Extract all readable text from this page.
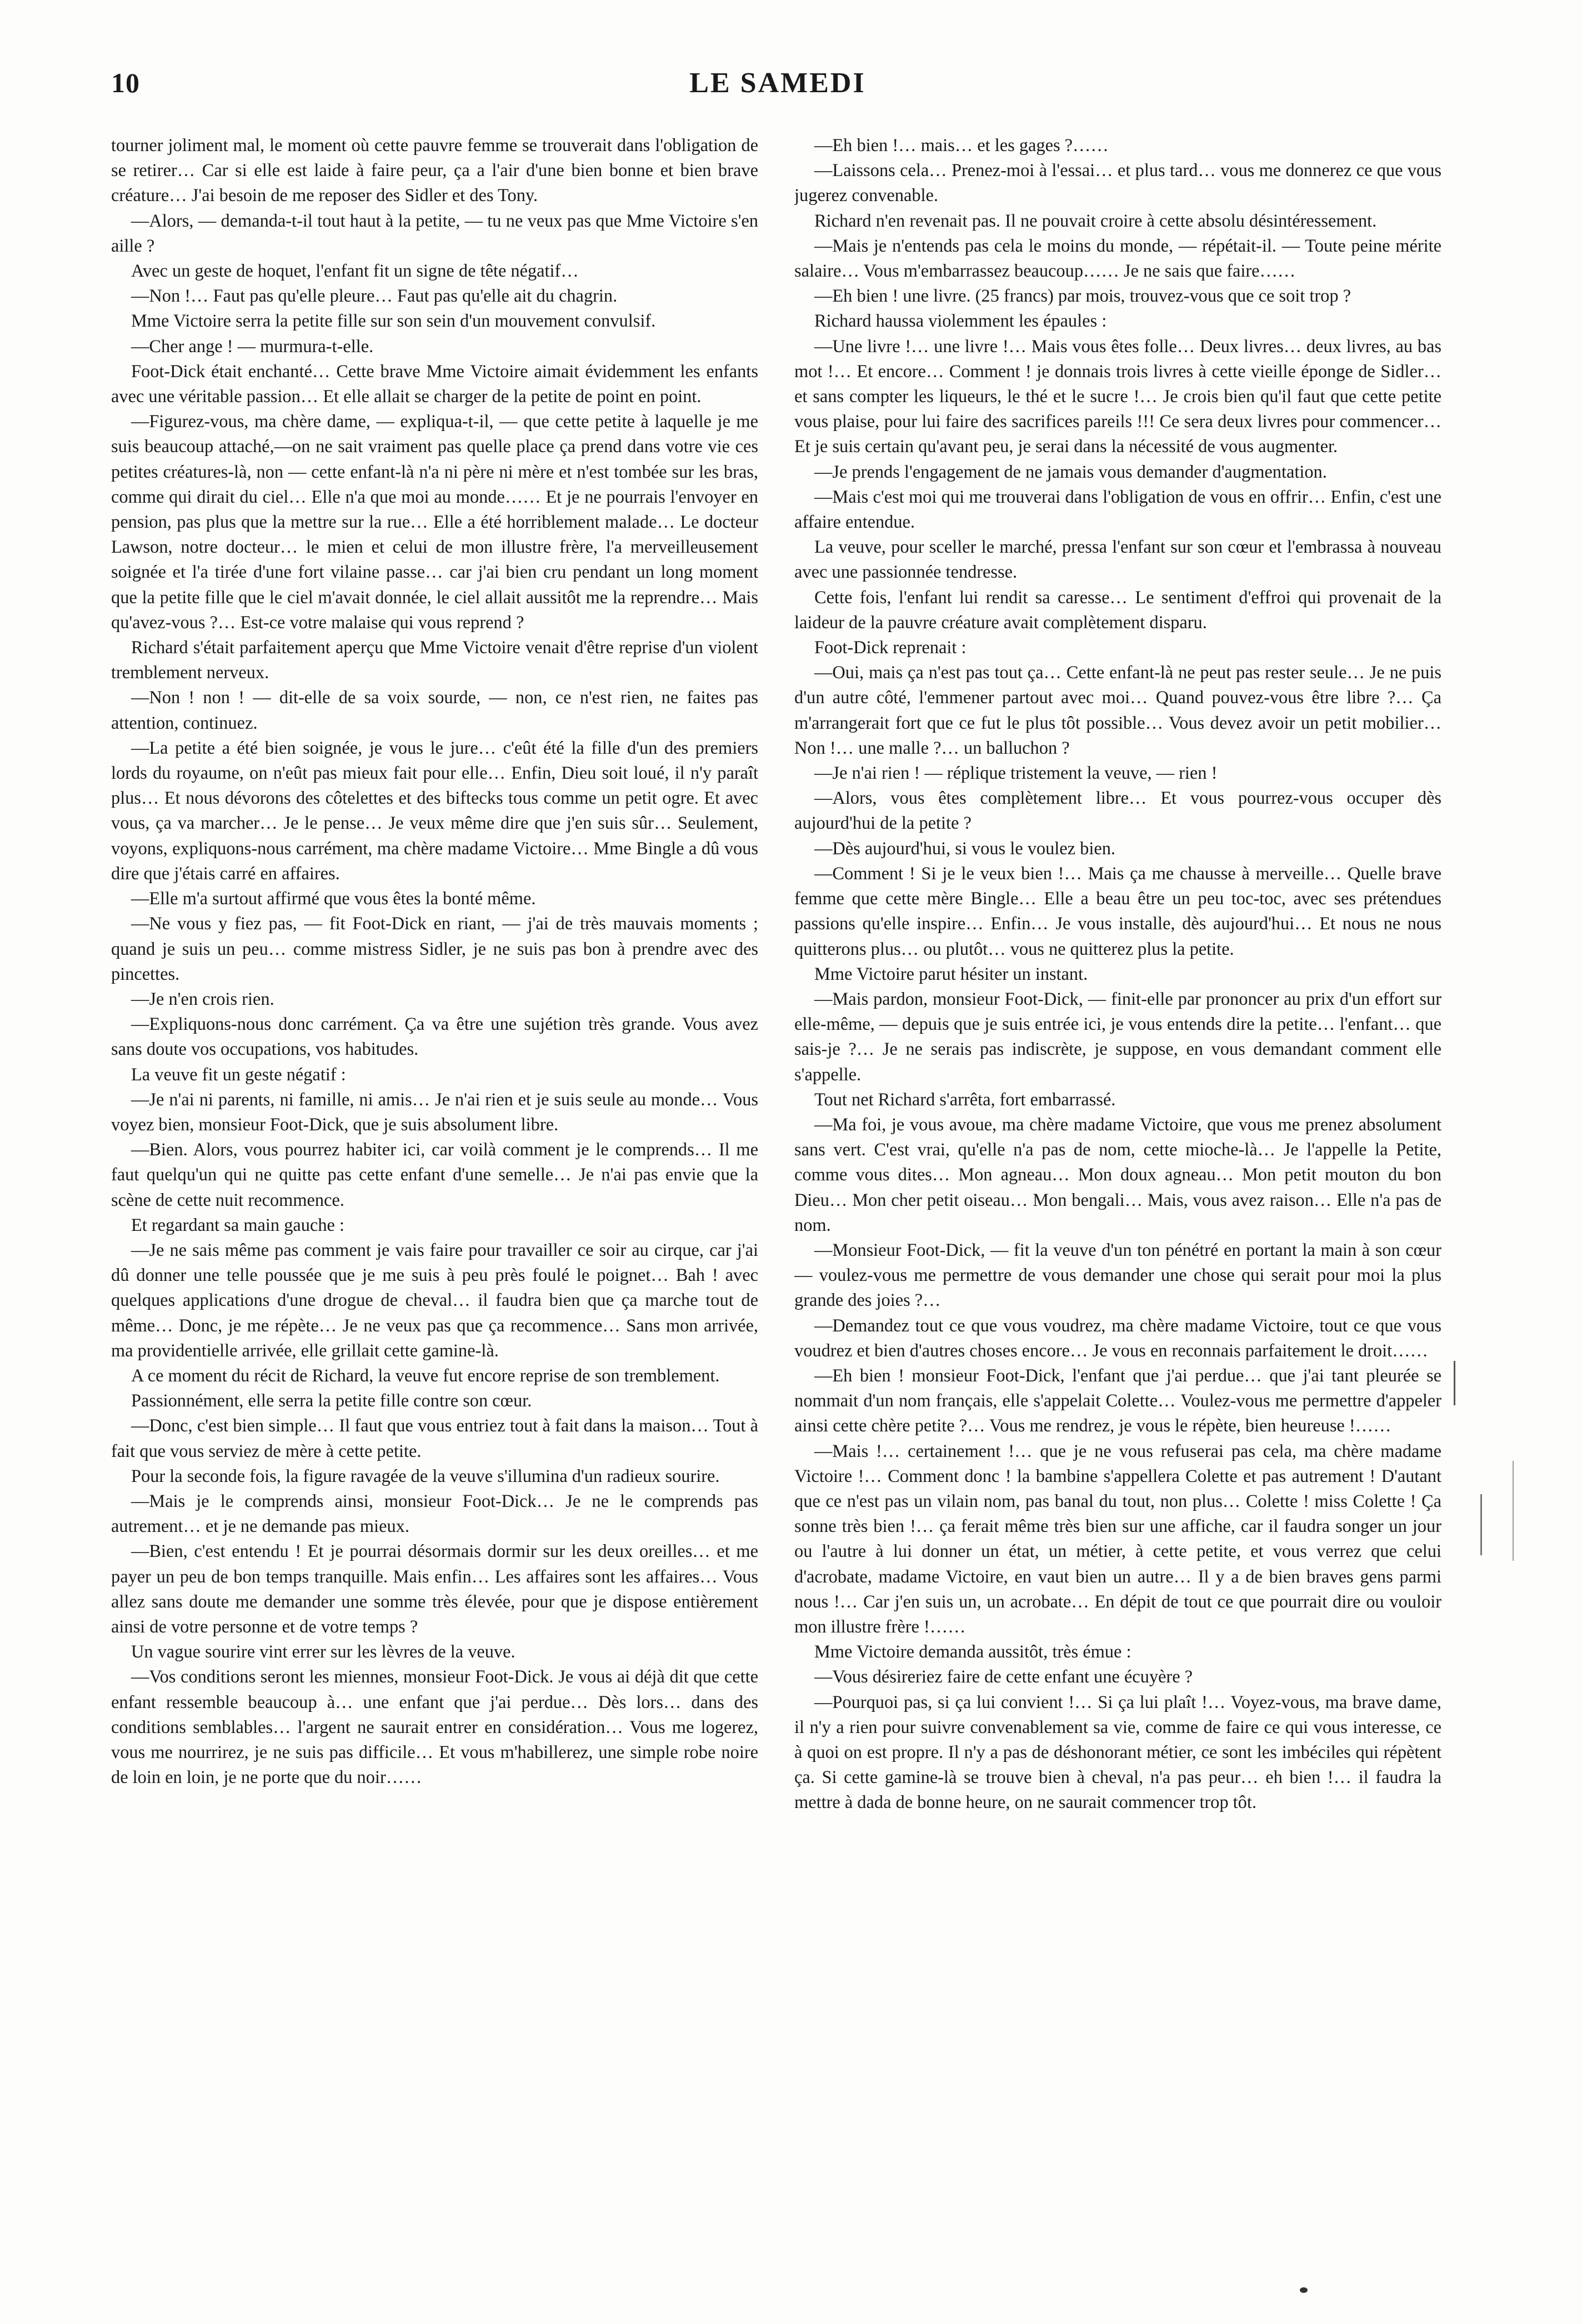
10	LE SAMEDI

tourner joliment mal, le moment où cette pauvre femme se trouverait dans l'obligation de se retirer… Car si elle est laide à faire peur, ça a l'air d'une bien bonne et bien brave créature… J'ai besoin de me reposer des Sidler et des Tony.

—Alors, — demanda-t-il tout haut à la petite, — tu ne veux pas que Mme Victoire s'en aille ?

Avec un geste de hoquet, l'enfant fit un signe de tête négatif…

—Non !… Faut pas qu'elle pleure… Faut pas qu'elle ait du chagrin.

Mme Victoire serra la petite fille sur son sein d'un mouvement convulsif.

—Cher ange ! — murmura-t-elle.

Foot-Dick était enchanté… Cette brave Mme Victoire aimait évidemment les enfants avec une véritable passion… Et elle allait se charger de la petite de point en point.

—Figurez-vous, ma chère dame, — expliqua-t-il, — que cette petite à laquelle je me suis beaucoup attaché,—on ne sait vraiment pas quelle place ça prend dans votre vie ces petites créatures-là, non — cette enfant-là n'a ni père ni mère et n'est tombée sur les bras, comme qui dirait du ciel… Elle n'a que moi au monde…… Et je ne pourrais l'envoyer en pension, pas plus que la mettre sur la rue… Elle a été horriblement malade… Le docteur Lawson, notre docteur… le mien et celui de mon illustre frère, l'a merveilleusement soignée et l'a tirée d'une fort vilaine passe… car j'ai bien cru pendant un long moment que la petite fille que le ciel m'avait donnée, le ciel allait aussitôt me la reprendre… Mais qu'avez-vous ?… Est-ce votre malaise qui vous reprend ?

Richard s'était parfaitement aperçu que Mme Victoire venait d'être reprise d'un violent tremblement nerveux.

—Non ! non ! — dit-elle de sa voix sourde, — non, ce n'est rien, ne faites pas attention, continuez.

—La petite a été bien soignée, je vous le jure… c'eût été la fille d'un des premiers lords du royaume, on n'eût pas mieux fait pour elle… Enfin, Dieu soit loué, il n'y paraît plus… Et nous dévorons des côtelettes et des biftecks tous comme un petit ogre. Et avec vous, ça va marcher… Je le pense… Je veux même dire que j'en suis sûr… Seulement, voyons, expliquons-nous carrément, ma chère madame Victoire… Mme Bingle a dû vous dire que j'étais carré en affaires.

—Elle m'a surtout affirmé que vous êtes la bonté même.

—Ne vous y fiez pas, — fit Foot-Dick en riant, — j'ai de très mauvais moments ; quand je suis un peu… comme mistress Sidler, je ne suis pas bon à prendre avec des pincettes.

—Je n'en crois rien.

—Expliquons-nous donc carrément. Ça va être une sujétion très grande. Vous avez sans doute vos occupations, vos habitudes.

La veuve fit un geste négatif :

—Je n'ai ni parents, ni famille, ni amis… Je n'ai rien et je suis seule au monde… Vous voyez bien, monsieur Foot-Dick, que je suis absolument libre.

—Bien. Alors, vous pourrez habiter ici, car voilà comment je le comprends… Il me faut quelqu'un qui ne quitte pas cette enfant d'une semelle… Je n'ai pas envie que la scène de cette nuit recommence.

Et regardant sa main gauche :

—Je ne sais même pas comment je vais faire pour travailler ce soir au cirque, car j'ai dû donner une telle poussée que je me suis à peu près foulé le poignet… Bah ! avec quelques applications d'une drogue de cheval… il faudra bien que ça marche tout de même… Donc, je me répète… Je ne veux pas que ça recommence… Sans mon arrivée, ma providentielle arrivée, elle grillait cette gamine-là.

A ce moment du récit de Richard, la veuve fut encore reprise de son tremblement.

Passionnément, elle serra la petite fille contre son cœur.

—Donc, c'est bien simple… Il faut que vous entriez tout à fait dans la maison… Tout à fait que vous serviez de mère à cette petite.

Pour la seconde fois, la figure ravagée de la veuve s'illumina d'un radieux sourire.

—Mais je le comprends ainsi, monsieur Foot-Dick… Je ne le comprends pas autrement… et je ne demande pas mieux.

—Bien, c'est entendu ! Et je pourrai désormais dormir sur les deux oreilles… et me payer un peu de bon temps tranquille. Mais enfin… Les affaires sont les affaires… Vous allez sans doute me demander une somme très élevée, pour que je dispose entièrement ainsi de votre personne et de votre temps ?

Un vague sourire vint errer sur les lèvres de la veuve.

—Vos conditions seront les miennes, monsieur Foot-Dick. Je vous ai déjà dit que cette enfant ressemble beaucoup à… une enfant que j'ai perdue… Dès lors… dans des conditions semblables… l'argent ne saurait entrer en considération… Vous me logerez, vous me nourrirez, je ne suis pas difficile… Et vous m'habillerez, une simple robe noire de loin en loin, je ne porte que du noir……

—Eh bien !… mais… et les gages ?……

—Laissons cela… Prenez-moi à l'essai… et plus tard… vous me donnerez ce que vous jugerez convenable.

Richard n'en revenait pas. Il ne pouvait croire à cette absolu désintéressement.

—Mais je n'entends pas cela le moins du monde, — répétait-il. — Toute peine mérite salaire… Vous m'embarrassez beaucoup…… Je ne sais que faire……

—Eh bien ! une livre. (25 francs) par mois, trouvez-vous que ce soit trop ?

Richard haussa violemment les épaules :

—Une livre !… une livre !… Mais vous êtes folle… Deux livres… deux livres, au bas mot !… Et encore… Comment ! je donnais trois livres à cette vieille éponge de Sidler… et sans compter les liqueurs, le thé et le sucre !… Je crois bien qu'il faut que cette petite vous plaise, pour lui faire des sacrifices pareils !!! Ce sera deux livres pour commencer… Et je suis certain qu'avant peu, je serai dans la nécessité de vous augmenter.

—Je prends l'engagement de ne jamais vous demander d'augmentation.

—Mais c'est moi qui me trouverai dans l'obligation de vous en offrir… Enfin, c'est une affaire entendue.

La veuve, pour sceller le marché, pressa l'enfant sur son cœur et l'embrassa à nouveau avec une passionnée tendresse.

Cette fois, l'enfant lui rendit sa caresse… Le sentiment d'effroi qui provenait de la laideur de la pauvre créature avait complètement disparu.

Foot-Dick reprenait :

—Oui, mais ça n'est pas tout ça… Cette enfant-là ne peut pas rester seule… Je ne puis d'un autre côté, l'emmener partout avec moi… Quand pouvez-vous être libre ?… Ça m'arrangerait fort que ce fut le plus tôt possible… Vous devez avoir un petit mobilier… Non !… une malle ?… un balluchon ?

—Je n'ai rien ! — réplique tristement la veuve, — rien !

—Alors, vous êtes complètement libre… Et vous pourrez-vous occuper dès aujourd'hui de la petite ?

—Dès aujourd'hui, si vous le voulez bien.

—Comment ! Si je le veux bien !… Mais ça me chausse à merveille… Quelle brave femme que cette mère Bingle… Elle a beau être un peu toc-toc, avec ses prétendues passions qu'elle inspire… Enfin… Je vous installe, dès aujourd'hui… Et nous ne nous quitterons plus… ou plutôt… vous ne quitterez plus la petite.

Mme Victoire parut hésiter un instant.

—Mais pardon, monsieur Foot-Dick, — finit-elle par prononcer au prix d'un effort sur elle-même, — depuis que je suis entrée ici, je vous entends dire la petite… l'enfant… que sais-je ?… Je ne serais pas indiscrète, je suppose, en vous demandant comment elle s'appelle.

Tout net Richard s'arrêta, fort embarrassé.

—Ma foi, je vous avoue, ma chère madame Victoire, que vous me prenez absolument sans vert. C'est vrai, qu'elle n'a pas de nom, cette mioche-là… Je l'appelle la Petite, comme vous dites… Mon agneau… Mon doux agneau… Mon petit mouton du bon Dieu… Mon cher petit oiseau… Mon bengali… Mais, vous avez raison… Elle n'a pas de nom.

—Monsieur Foot-Dick, — fit la veuve d'un ton pénétré en portant la main à son cœur — voulez-vous me permettre de vous demander une chose qui serait pour moi la plus grande des joies ?…

—Demandez tout ce que vous voudrez, ma chère madame Victoire, tout ce que vous voudrez et bien d'autres choses encore… Je vous en reconnais parfaitement le droit……

—Eh bien ! monsieur Foot-Dick, l'enfant que j'ai perdue… que j'ai tant pleurée se nommait d'un nom français, elle s'appelait Colette… Voulez-vous me permettre d'appeler ainsi cette chère petite ?… Vous me rendrez, je vous le répète, bien heureuse !……

—Mais !… certainement !… que je ne vous refuserai pas cela, ma chère madame Victoire !… Comment donc ! la bambine s'appellera Colette et pas autrement ! D'autant que ce n'est pas un vilain nom, pas banal du tout, non plus… Colette ! miss Colette ! Ça sonne très bien !… ça ferait même très bien sur une affiche, car il faudra songer un jour ou l'autre à lui donner un état, un métier, à cette petite, et vous verrez que celui d'acrobate, madame Victoire, en vaut bien un autre… Il y a de bien braves gens parmi nous !… Car j'en suis un, un acrobate… En dépit de tout ce que pourrait dire ou vouloir mon illustre frère !……

Mme Victoire demanda aussitôt, très émue :

—Vous désireriez faire de cette enfant une écuyère ?

—Pourquoi pas, si ça lui convient !… Si ça lui plaît !… Voyez-vous, ma brave dame, il n'y a rien pour suivre convenablement sa vie, comme de faire ce qui vous interesse, ce à quoi on est propre. Il n'y a pas de déshonorant métier, ce sont les imbéciles qui répètent ça. Si cette gamine-là se trouve bien à cheval, n'a pas peur… eh bien !… il faudra la mettre à dada de bonne heure, on ne saurait commencer trop tôt.
